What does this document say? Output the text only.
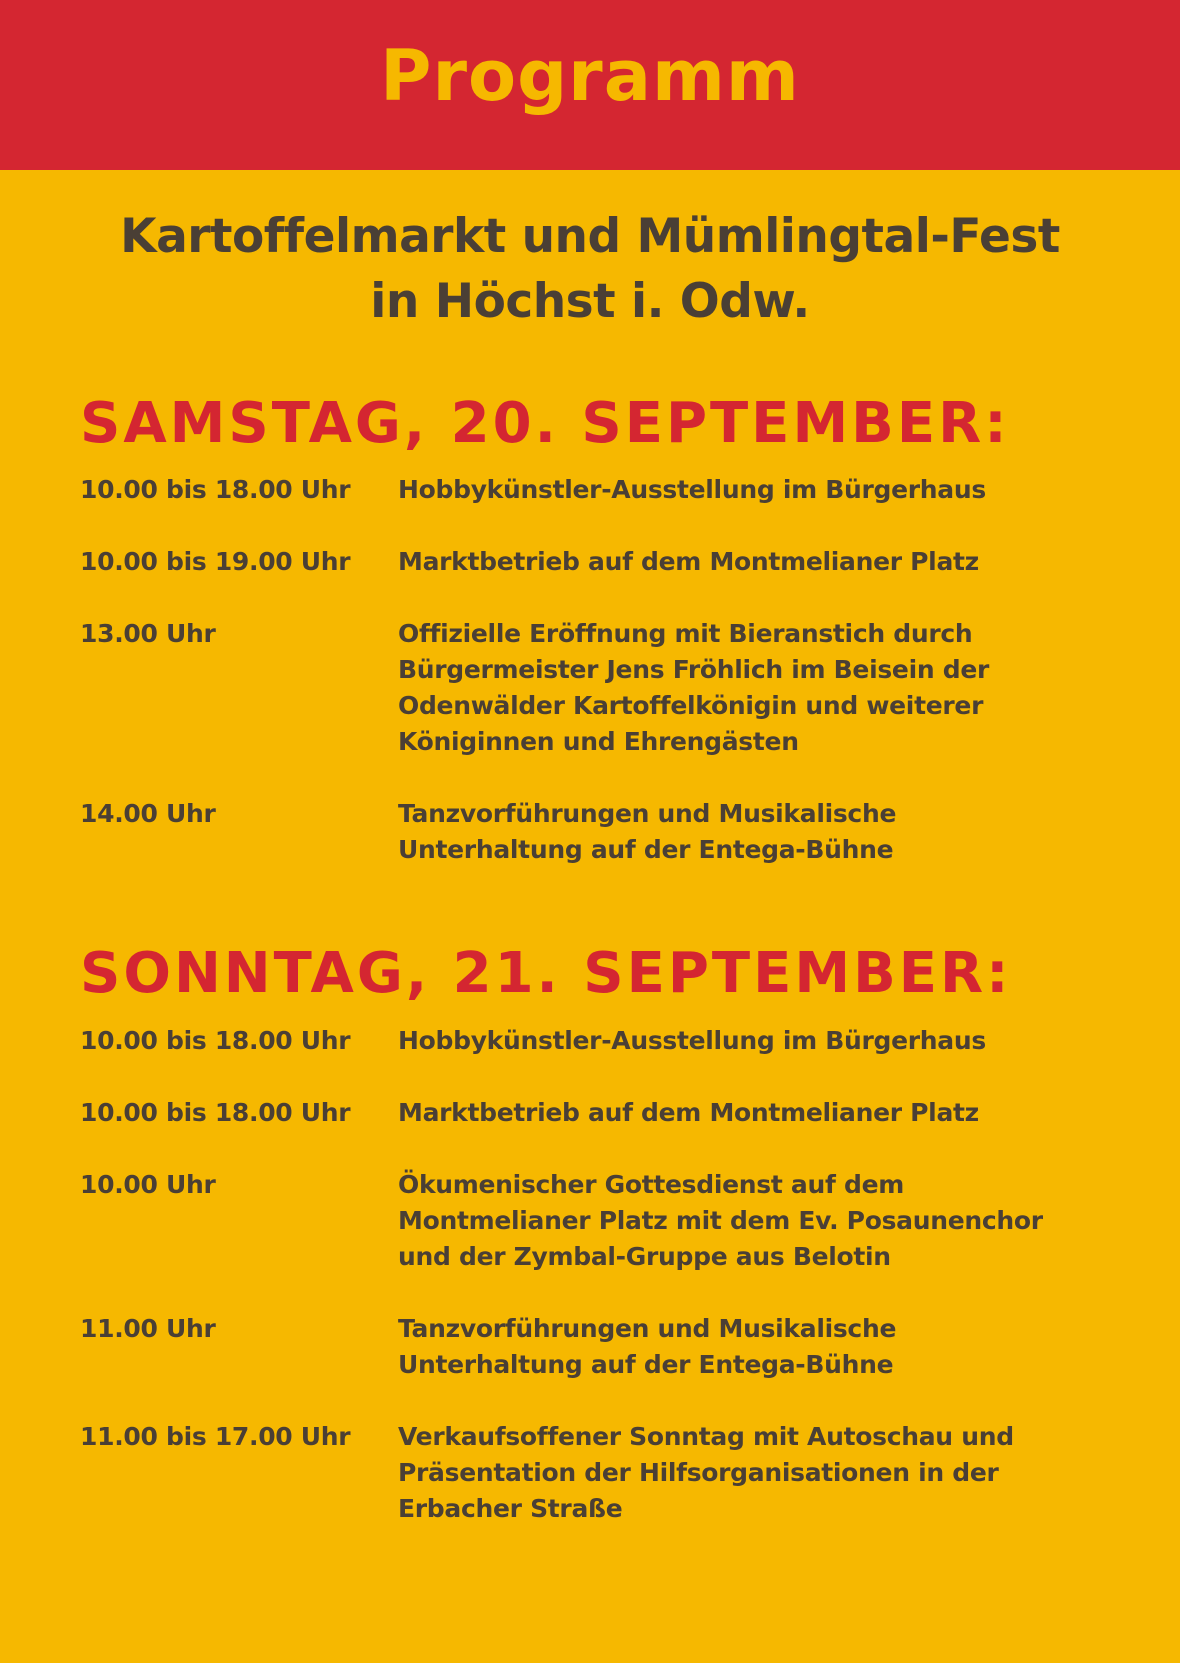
Programm
Kartoffelmarkt und Mümlingtal-Fest
in Höchst i. Odw.
SAMSTAG, 20. SEPTEMBER:
10.00 bis 18.00 Uhr	Hobbykünstler-Ausstellung im Bürgerhaus
10.00 bis 19.00 Uhr	Marktbetrieb auf dem Montmelianer Platz
13.00 Uhr	Offizielle Eröffnung mit Bieranstich durch
Bürgermeister Jens Fröhlich im Beisein der
Odenwälder Kartoffelkönigin und weiterer
Königinnen und Ehrengästen
14.00 Uhr	Tanzvorführungen und Musikalische
Unterhaltung auf der Entega-Bühne
SONNTAG, 21. SEPTEMBER:
10.00 bis 18.00 Uhr	Hobbykünstler-Ausstellung im Bürgerhaus
10.00 bis 18.00 Uhr	Marktbetrieb auf dem Montmelianer Platz
10.00 Uhr	Ökumenischer Gottesdienst auf dem
Montmelianer Platz mit dem Ev. Posaunenchor
und der Zymbal-Gruppe aus Belotin
11.00 Uhr	Tanzvorführungen und Musikalische
Unterhaltung auf der Entega-Bühne
11.00 bis 17.00 Uhr	Verkaufsoffener Sonntag mit Autoschau und
Präsentation der Hilfsorganisationen in der
Erbacher Straße
